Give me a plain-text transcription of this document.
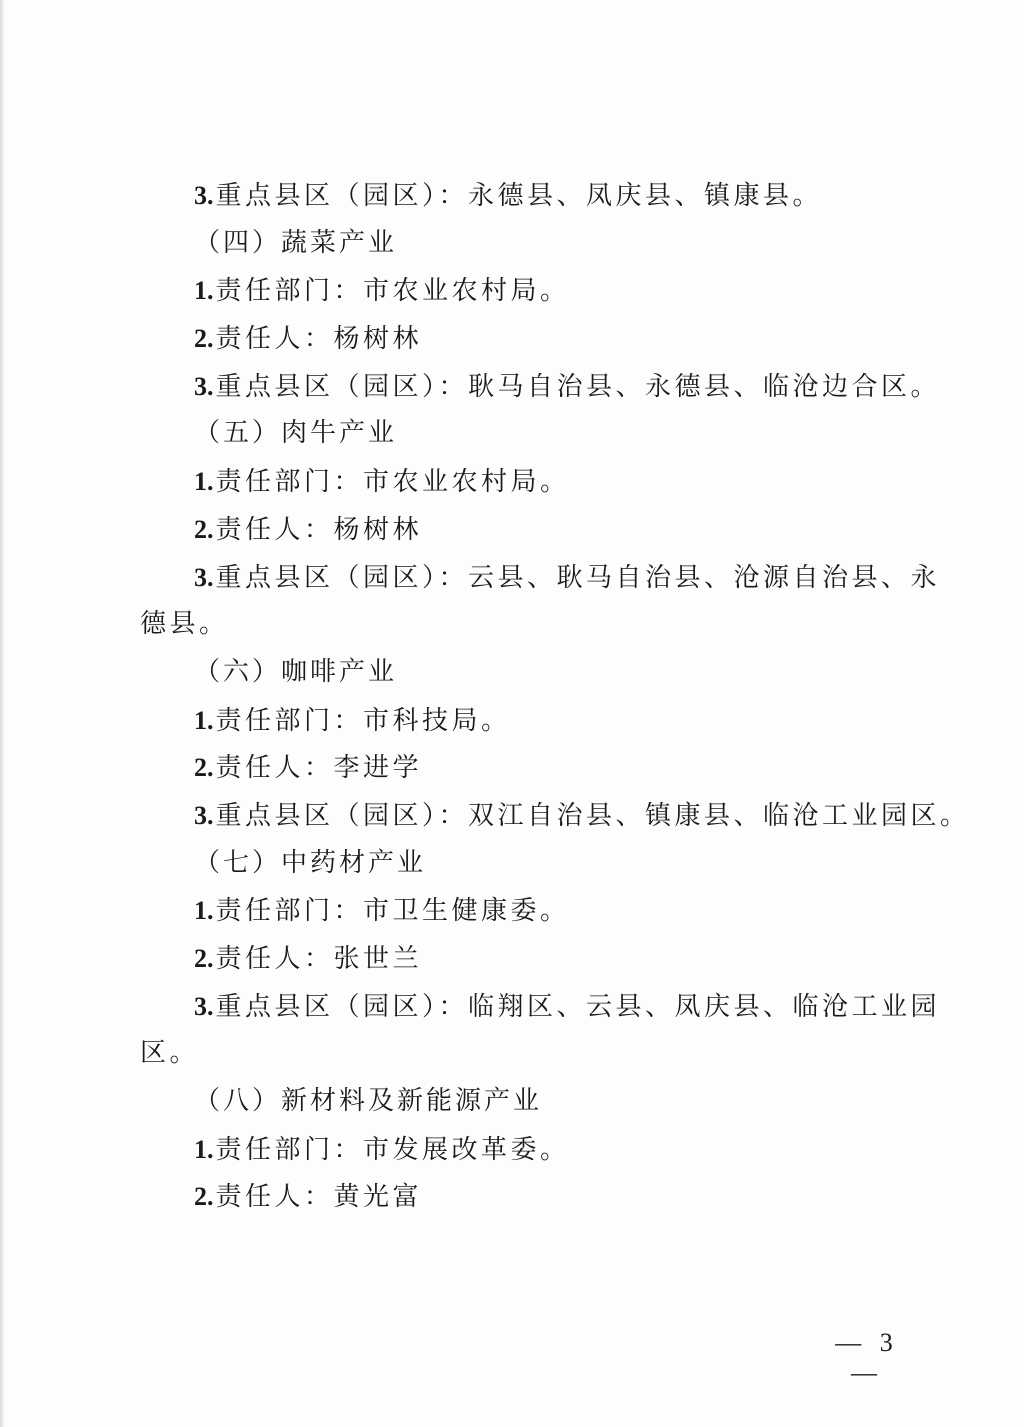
3.重点县区（园区）：永德县、凤庆县、镇康县。
（四）蔬菜产业
1.责任部门：市农业农村局。
2.责任人：杨树林
3.重点县区（园区）：耿马自治县、永德县、临沧边合区。
（五）肉牛产业
1.责任部门：市农业农村局。
2.责任人：杨树林
3.重点县区（园区）：云县、耿马自治县、沧源自治县、永
德县。
（六）咖啡产业
1.责任部门：市科技局。
2.责任人：李进学
3.重点县区（园区）：双江自治县、镇康县、临沧工业园区。
（七）中药材产业
1.责任部门：市卫生健康委。
2.责任人：张世兰
3.重点县区（园区）：临翔区、云县、凤庆县、临沧工业园
区。
（八）新材料及新能源产业
1.责任部门：市发展改革委。
2.责任人：黄光富
— 3 —
